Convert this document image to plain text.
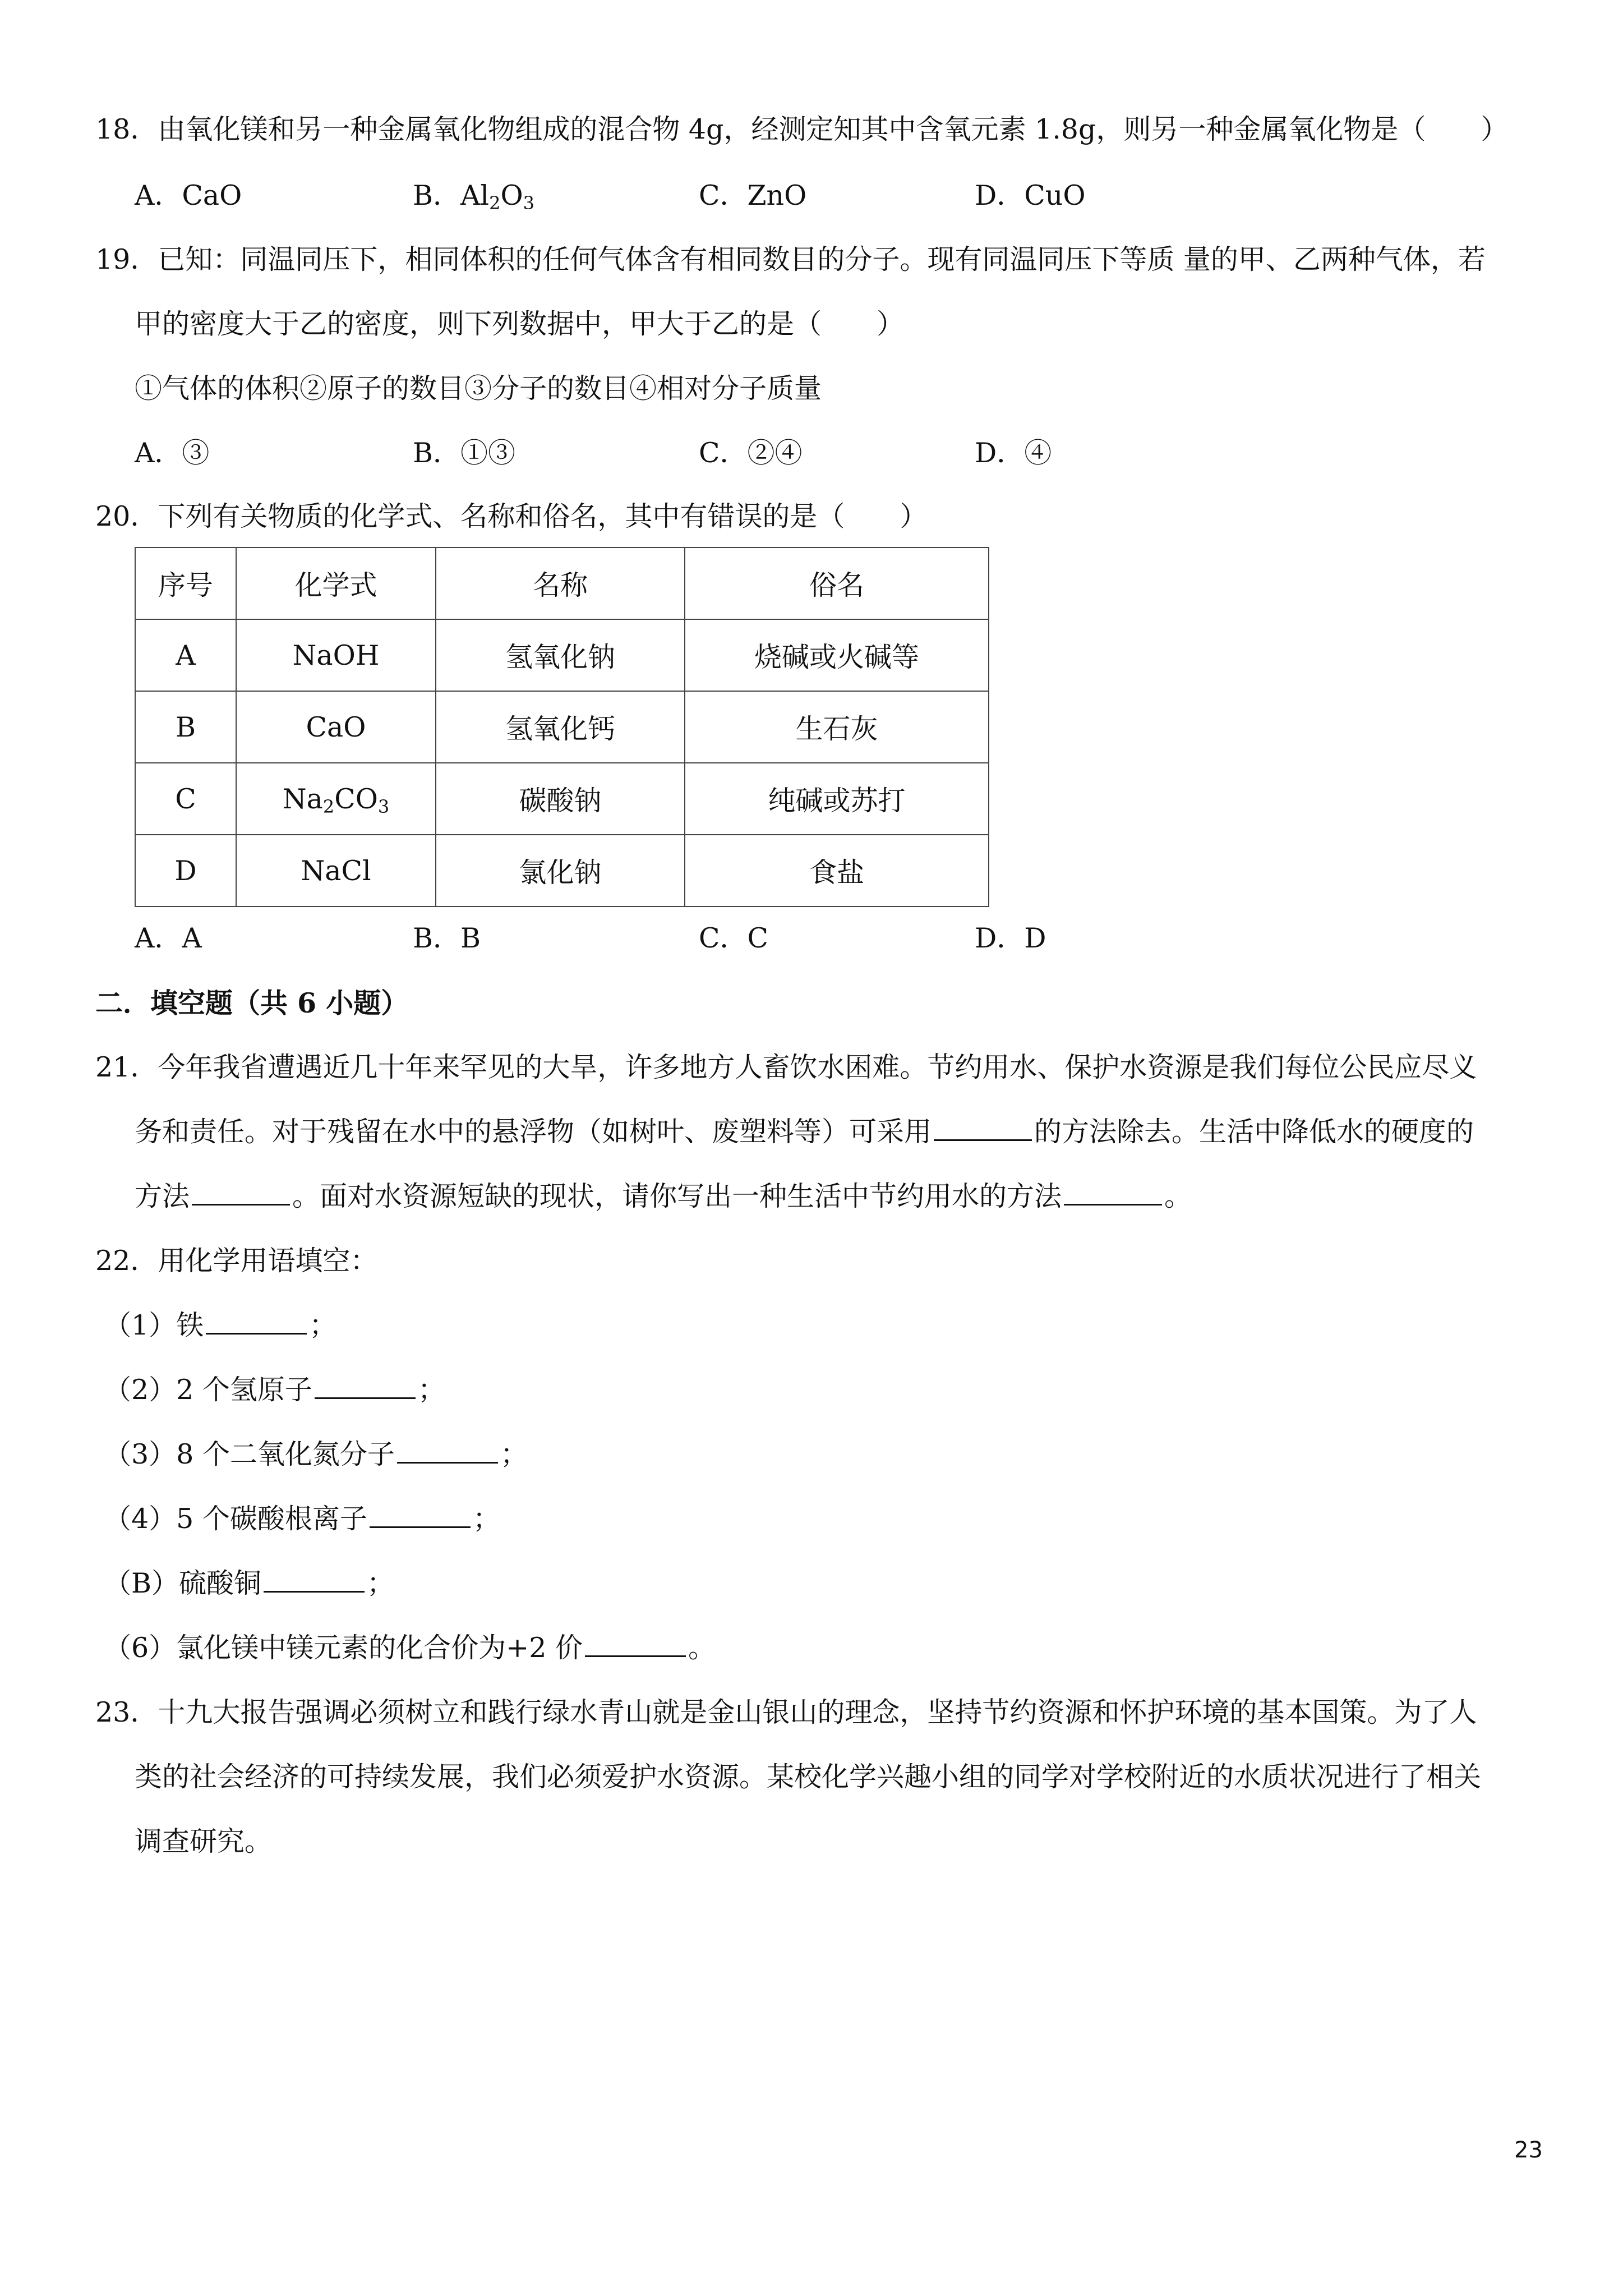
18．由氧化镁和另一种金属氧化物组成的混合物 4g，经测定知其中含氧元素 1.8g，则另一种金属氧化物是（　　）
A．CaO	B．$Al_2O_3$	C．ZnO	D．CuO
19．已知：同温同压下，相同体积的任何气体含有相同数目的分子。现有同温同压下等质 量的甲、乙两种气体，若
甲的密度大于乙的密度，则下列数据中，甲大于乙的是（　　）
①气体的体积②原子的数目③分子的数目④相对分子质量
A．③	B．①③	C．②④	D．④
20．下列有关物质的化学式、名称和俗名，其中有错误的是（　　）
序号	化学式	名称	俗名
A	NaOH	氢氧化钠	烧碱或火碱等
B	CaO	氢氧化钙	生石灰
C	$Na_2CO_3$	碳酸钠	纯碱或苏打
D	NaCl	氯化钠	食盐
A．A	B．B	C．C	D．D
二．填空题（共 6 小题）
21．今年我省遭遇近几十年来罕见的大旱，许多地方人畜饮水困难。节约用水、保护水资源是我们每位公民应尽义
务和责任。对于残留在水中的悬浮物（如树叶、废塑料等）可采用	的方法除去。生活中降低水的硬度的
方法	。面对水资源短缺的现状，请你写出一种生活中节约用水的方法	。
22．用化学用语填空：
（1）铁	；
（2）2 个氢原子	；
（3）8 个二氧化氮分子	；
（4）5 个碳酸根离子	；
（B）硫酸铜	；
（6）氯化镁中镁元素的化合价为+2 价	。
23．十九大报告强调必须树立和践行绿水青山就是金山银山的理念，坚持节约资源和怀护环境的基本国策。为了人
类的社会经济的可持续发展，我们必须爱护水资源。某校化学兴趣小组的同学对学校附近的水质状况进行了相关
调查研究。
23
